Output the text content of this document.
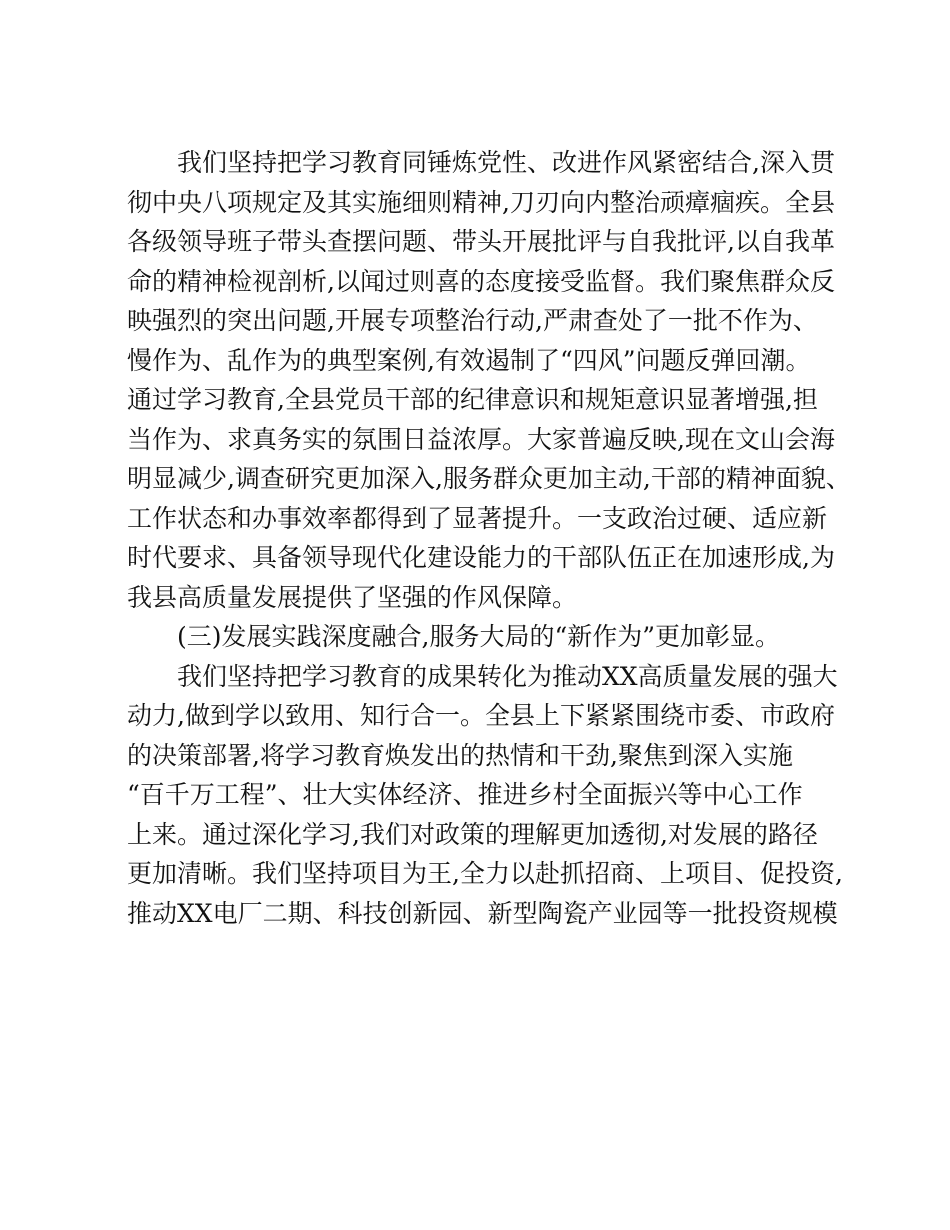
我们坚持把学习教育同锤炼党性、改进作风紧密结合,深入贯
彻中央八项规定及其实施细则精神,刀刃向内整治顽瘴痼疾。全县
各级领导班子带头查摆问题、带头开展批评与自我批评,以自我革
命的精神检视剖析,以闻过则喜的态度接受监督。我们聚焦群众反
映强烈的突出问题,开展专项整治行动,严肃查处了一批不作为、
慢作为、乱作为的典型案例,有效遏制了“四风”问题反弹回潮。
通过学习教育,全县党员干部的纪律意识和规矩意识显著增强,担
当作为、求真务实的氛围日益浓厚。大家普遍反映,现在文山会海
明显减少,调查研究更加深入,服务群众更加主动,干部的精神面貌、
工作状态和办事效率都得到了显著提升。一支政治过硬、适应新
时代要求、具备领导现代化建设能力的干部队伍正在加速形成,为
我县高质量发展提供了坚强的作风保障。
(三)发展实践深度融合,服务大局的“新作为”更加彰显。
我们坚持把学习教育的成果转化为推动XX高质量发展的强大
动力,做到学以致用、知行合一。全县上下紧紧围绕市委、市政府
的决策部署,将学习教育焕发出的热情和干劲,聚焦到深入实施
“百千万工程”、壮大实体经济、推进乡村全面振兴等中心工作
上来。通过深化学习,我们对政策的理解更加透彻,对发展的路径
更加清晰。我们坚持项目为王,全力以赴抓招商、上项目、促投资,
推动XX电厂二期、科技创新园、新型陶瓷产业园等一批投资规模
